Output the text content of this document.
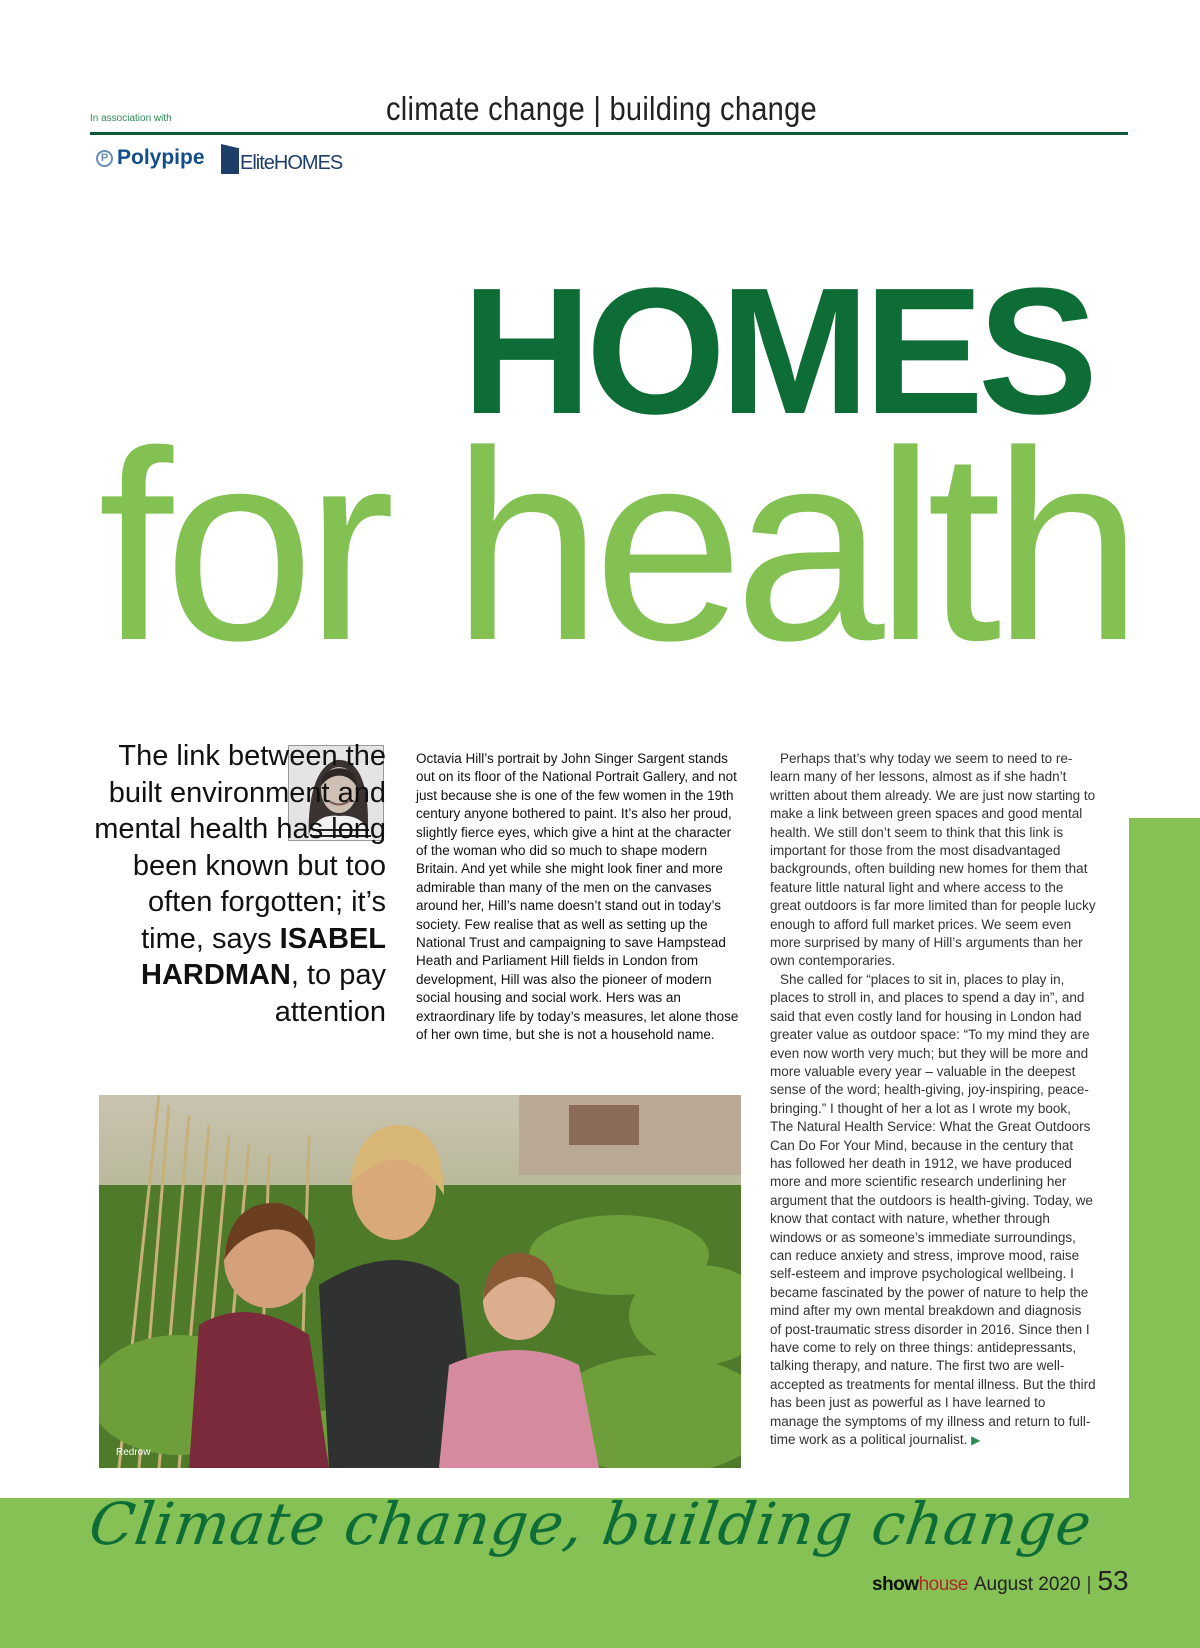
In association with	climate change | building change
P Polypipe EliteHOMES
HOMES
for health
The link between the built environment and mental health has long been known but too often forgotten; it’s time, says ISABEL HARDMAN, to pay attention

Octavia Hill’s portrait by John Singer Sargent stands out on its floor of the National Portrait Gallery, and not just because she is one of the few women in the 19th century anyone bothered to paint. It’s also her proud, slightly fierce eyes, which give a hint at the character of the woman who did so much to shape modern Britain. And yet while she might look finer and more admirable than many of the men on the canvases around her, Hill’s name doesn’t stand out in today’s society. Few realise that as well as setting up the National Trust and campaigning to save Hampstead Heath and Parliament Hill fields in London from development, Hill was also the pioneer of modern social housing and social work. Hers was an extraordinary life by today’s measures, let alone those of her own time, but she is not a household name.

Perhaps that’s why today we seem to need to re-learn many of her lessons, almost as if she hadn’t written about them already. We are just now starting to make a link between green spaces and good mental health. We still don’t seem to think that this link is important for those from the most disadvantaged backgrounds, often building new homes for them that feature little natural light and where access to the great outdoors is far more limited than for people lucky enough to afford full market prices. We seem even more surprised by many of Hill’s arguments than her own contemporaries.

She called for “places to sit in, places to play in, places to stroll in, and places to spend a day in”, and said that even costly land for housing in London had greater value as outdoor space: “To my mind they are even now worth very much; but they will be more and more valuable every year – valuable in the deepest sense of the word; health-giving, joy-inspiring, peace-bringing.” I thought of her a lot as I wrote my book, The Natural Health Service: What the Great Outdoors Can Do For Your Mind, because in the century that has followed her death in 1912, we have produced more and more scientific research underlining her argument that the outdoors is health-giving. Today, we know that contact with nature, whether through windows or as someone’s immediate surroundings, can reduce anxiety and stress, improve mood, raise self-esteem and improve psychological wellbeing. I became fascinated by the power of nature to help the mind after my own mental breakdown and diagnosis of post-traumatic stress disorder in 2016. Since then I have come to rely on three things: antidepressants, talking therapy, and nature. The first two are well-accepted as treatments for mental illness. But the third has been just as powerful as I have learned to manage the symptoms of my illness and return to full-time work as a political journalist. ▶

Redrow
Climate change, building change
show house August 2020 | 53
